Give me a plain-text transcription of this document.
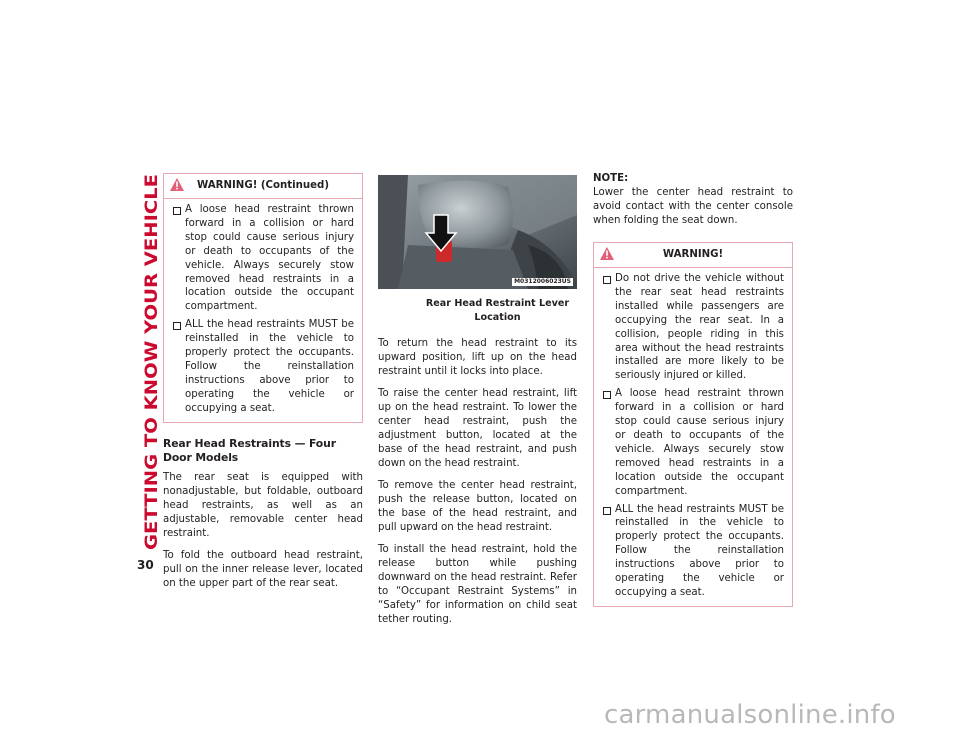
GETTING TO KNOW YOUR VEHICLE
30
WARNING! (Continued)
A loose head restraint thrown forward in a collision or hard stop could cause serious injury or death to occupants of the vehicle. Always securely stow removed head restraints in a location outside the occupant compartment.
ALL the head restraints MUST be reinstalled in the vehicle to properly protect the occupants. Follow the reinstallation instructions above prior to operating the vehicle or occupying a seat.
Rear Head Restraints — Four Door Models

The rear seat is equipped with nonadjustable, but foldable, outboard head restraints, as well as an adjustable, removable center head restraint.

To fold the outboard head restraint, pull on the inner release lever, located on the upper part of the rear seat.

M0312006023US
Rear Head Restraint Lever Location

To return the head restraint to its upward position, lift up on the head restraint until it locks into place.

To raise the center head restraint, lift up on the head restraint. To lower the center head restraint, push the adjustment button, located at the base of the head restraint, and push down on the head restraint.

To remove the center head restraint, push the release button, located on the base of the head restraint, and pull upward on the head restraint.

To install the head restraint, hold the release button while pushing downward on the head restraint. Refer to “Occupant Restraint Systems” in “Safety” for information on child seat tether routing.

NOTE:

Lower the center head restraint to avoid contact with the center console when folding the seat down.

WARNING!
Do not drive the vehicle without the rear seat head restraints installed while passengers are occupying the rear seat. In a collision, people riding in this area without the head restraints installed are more likely to be seriously injured or killed.
A loose head restraint thrown forward in a collision or hard stop could cause serious injury or death to occupants of the vehicle. Always securely stow removed head restraints in a location outside the occupant compartment.
ALL the head restraints MUST be reinstalled in the vehicle to properly protect the occupants. Follow the reinstallation instructions above prior to operating the vehicle or occupying a seat.
carmanualsonline.info
